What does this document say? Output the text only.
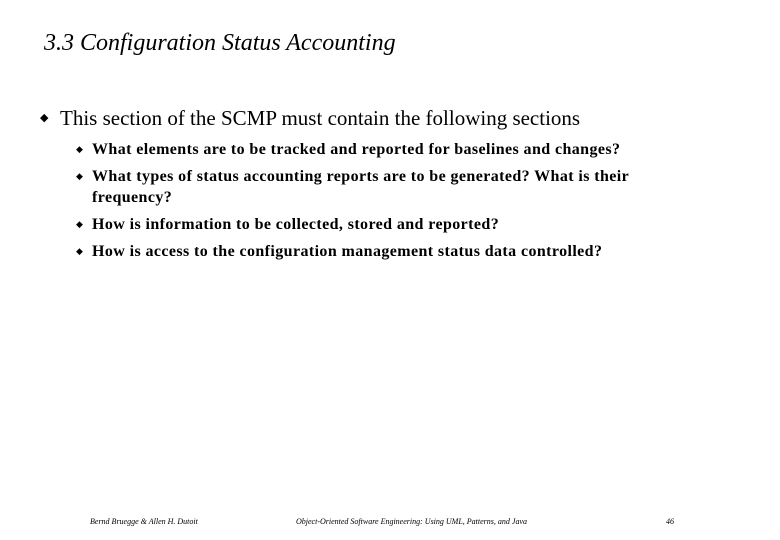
3.3 Configuration Status Accounting
◆ This section of the SCMP must contain the following sections
◆ What elements are to be tracked and reported for baselines and changes?
◆ What types of status accounting reports are to be generated? What is their frequency?
◆ How is information to be collected, stored and reported?
◆ How is access to the configuration management status data controlled?
Bernd Bruegge & Allen H. Dutoit	Object-Oriented Software Engineering: Using UML, Patterns, and Java	46
